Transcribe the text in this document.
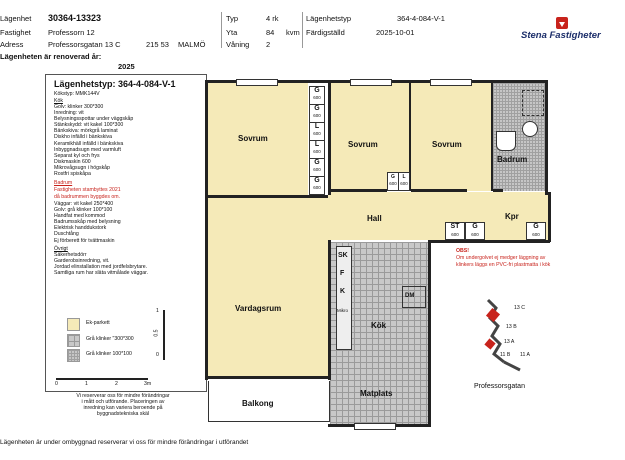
Lägenhet 30364-13323
Fastighet Professorn 12
Adress	Professorsgatan 13 C	215 53 MALMÖ
Lägenheten är renoverad år:
2025
Typ	4 rk
Yta	84 kvm
Våning 2
Lägenhetstyp	364-4-084-V-1
Färdigställd	2025-10-01	Stena Fastigheter
Lägenhetstyp: 364-4-084-V-1
Kökstyp: MMK144V
Kök
Golv: klinker 300*300
Inredning: vit
Belysningsspottar under väggskåp
Stänkskydd: vit kakel 100*300
Bänkskiva: mörkgrå laminat
Diskho infälld i bänkskiva
Keramikhäll infälld i bänkskiva
Inbyggnadsugn med varmluft
Separat kyl och frys
Diskmaskin 600
Mikrovågsugn i högskåp
Rostfri spiskåpa
Badrum
Fastigheten stambyttes 2021
då badrummen byggdes om.
Väggar: vit kakel 250*400
Golv: grå klinker 100*100
Handfat med kommod
Badrumsskåp med belysning
Elektrisk handdukstork
Duschtång
Ej förberett för tvättmaskin
Övrigt
Säkerhetsdörr
Garderobsinredning, vit.
Jordad elinstallation med jordfelsbrytare.
Samtliga rum har släta vitmålade väggar.
Ek-parkett
Grå klinker "300*300
Grå klinker 100*100	0
0.5
1
0	1	2	3m
Vi reserverar oss för mindre förändringar
i mått och utförande. Placeringen av
inredning kan variera beroende på
byggnadstekniska skäl
G
600
G
600
L
600
L
600
G
600
G
600
G
600
L
600
ST
600
G
600
G
600
SK
F
K
Mikro
DM
Sovrum
Sovrum	Sovrum
Badrum
Hall	Kpr
Vardagsrum
Kök
Matplats
Balkong
OBS!
Om undergolvet ej medger läggning av
klinkers läggs en PVC-fri plastmatta i kök
13 C
13 B
13 A
11 B 11 A
Professorsgatan
Lägenheten är under ombyggnad reserverar vi oss för mindre förändringar i utförandet
